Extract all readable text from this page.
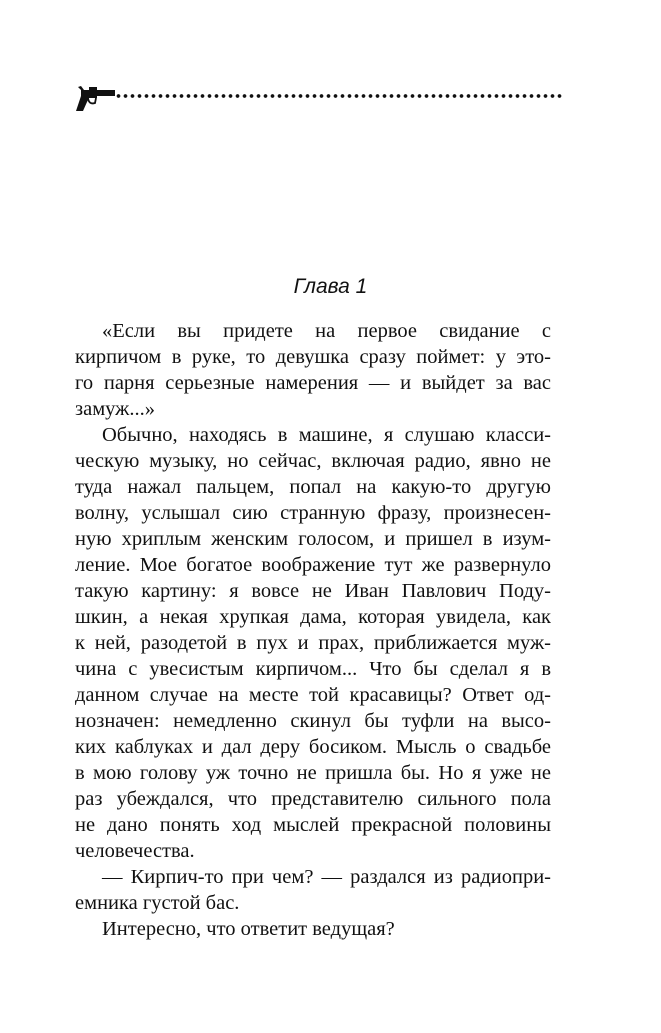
Глава 1
«Если вы придете на первое свидание с
кирпичом в руке, то девушка сразу поймет: у это-
го парня серьезные намерения — и выйдет за вас
замуж...»
Обычно, находясь в машине, я слушаю класси-
ческую музыку, но сейчас, включая радио, явно не
туда нажал пальцем, попал на какую-то другую
волну, услышал сию странную фразу, произнесен-
ную хриплым женским голосом, и пришел в изум-
ление. Мое богатое воображение тут же развернуло
такую картину: я вовсе не Иван Павлович Поду-
шкин, а некая хрупкая дама, которая увидела, как
к ней, разодетой в пух и прах, приближается муж-
чина с увесистым кирпичом... Что бы сделал я в
данном случае на месте той красавицы? Ответ од-
нозначен: немедленно скинул бы туфли на высо-
ких каблуках и дал деру босиком. Мысль о свадьбе
в мою голову уж точно не пришла бы. Но я уже не
раз убеждался, что представителю сильного пола
не дано понять ход мыслей прекрасной половины
человечества.
— Кирпич-то при чем? — раздался из радиопри-
емника густой бас.
Интересно, что ответит ведущая?
